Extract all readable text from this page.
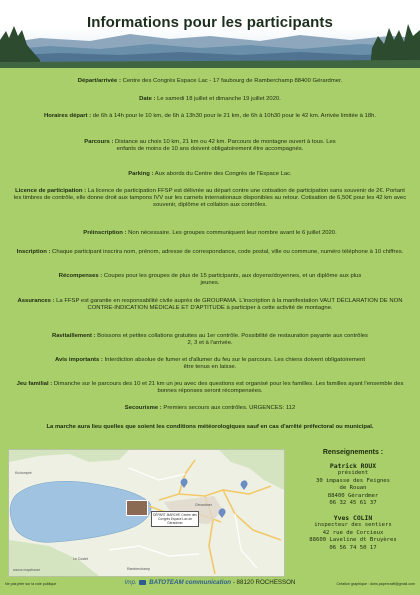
Informations pour les participants
Départ/arrivée : Centre des Congrès Espace Lac - 17 faubourg de Ramberchamp 88400 Gérardmer.
Date : Le samedi 18 juillet et dimanche 19 juillet 2020.
Horaires départ : de 6h à 14h pour le 10 km, de 6h à 13h30 pour le 21 km, de 6h à 10h30 pour le 42 km. Arrivée limitée à 18h.
Parcours : Distance au choix 10 km, 21 km ou 42 km. Parcours de montagne ouvert à tous. Les enfants de moins de 10 ans doivent obligatoirement être accompagnés.
Parking : Aux abords du Centre des Congrès de l'Espace Lac.
Licence de participation : La licence de participation FFSP est délivrée au départ contre une cotisation de participation sans souvenir de 2€. Portant les timbres de contrôle, elle donne droit aux tampons IVV sur les carnets internationaux disponibles au retour. Cotisation de 6,50€ pour les 42 km avec souvenir, diplôme et collation aux contrôles.
Préinscription : Non nécessaire. Les groupes communiquent leur nombre avant le 6 juillet 2020.
Inscription : Chaque participant inscrira nom, prénom, adresse de correspondance, code postal, ville ou commune, numéro téléphone à 10 chiffres.
Récompenses : Coupes pour les groupes de plus de 15 participants, aux doyens/doyennes, et un diplôme aux plus jeunes.
Assurances : La FFSP est garantie en responsabilité civile auprès de GROUPAMA. L'inscription à la manifestation VAUT DÉCLARATION DE NON CONTRE-INDICATION MÉDICALE ET D'APTITUDE à participer à cette activité de montagne.
Ravitaillement : Boissons et petites collations gratuites au 1er contrôle. Possibilité de restauration payante aux contrôles 2, 3 et à l'arrivée.
Avis importants : Interdiction absolue de fumer et d'allumer du feu sur le parcours. Les chiens doivent obligatoirement être tenus en laisse.
Jeu familial : Dimanche sur le parcours des 10 et 21 km un jeu avec des questions est organisé pour les familles. Les familles ayant l'ensemble des bonnes réponses seront récompensées.
Secourisme : Premiers secours aux contrôles. URGENCES: 112
La marche aura lieu quelles que soient les conditions météorologiques sauf en cas d'arrêté préfectoral ou municipal.
Gérardmer
Kichompré
Le Costet
Ramberchamp
DÉPART MARCHE Centre des Congrès Espace Lac de Gérardmer
source mapsfrance
Renseignements :
Patrick ROUX
président
30 impasse des Feignes
de Rouan
88400 Gérardmer
06 32 45 61 37
Yves COLIN
inspecteur des sentiers
42 rue de Corcieux
88600 Laveline dt Bruyères
06 56 74 50 17
Ne pas jeter sur la voie publique	Imp. BATOTEAM communication - 88120 ROCHESSON	Création graphique : doris.papercraft@gmail.com
